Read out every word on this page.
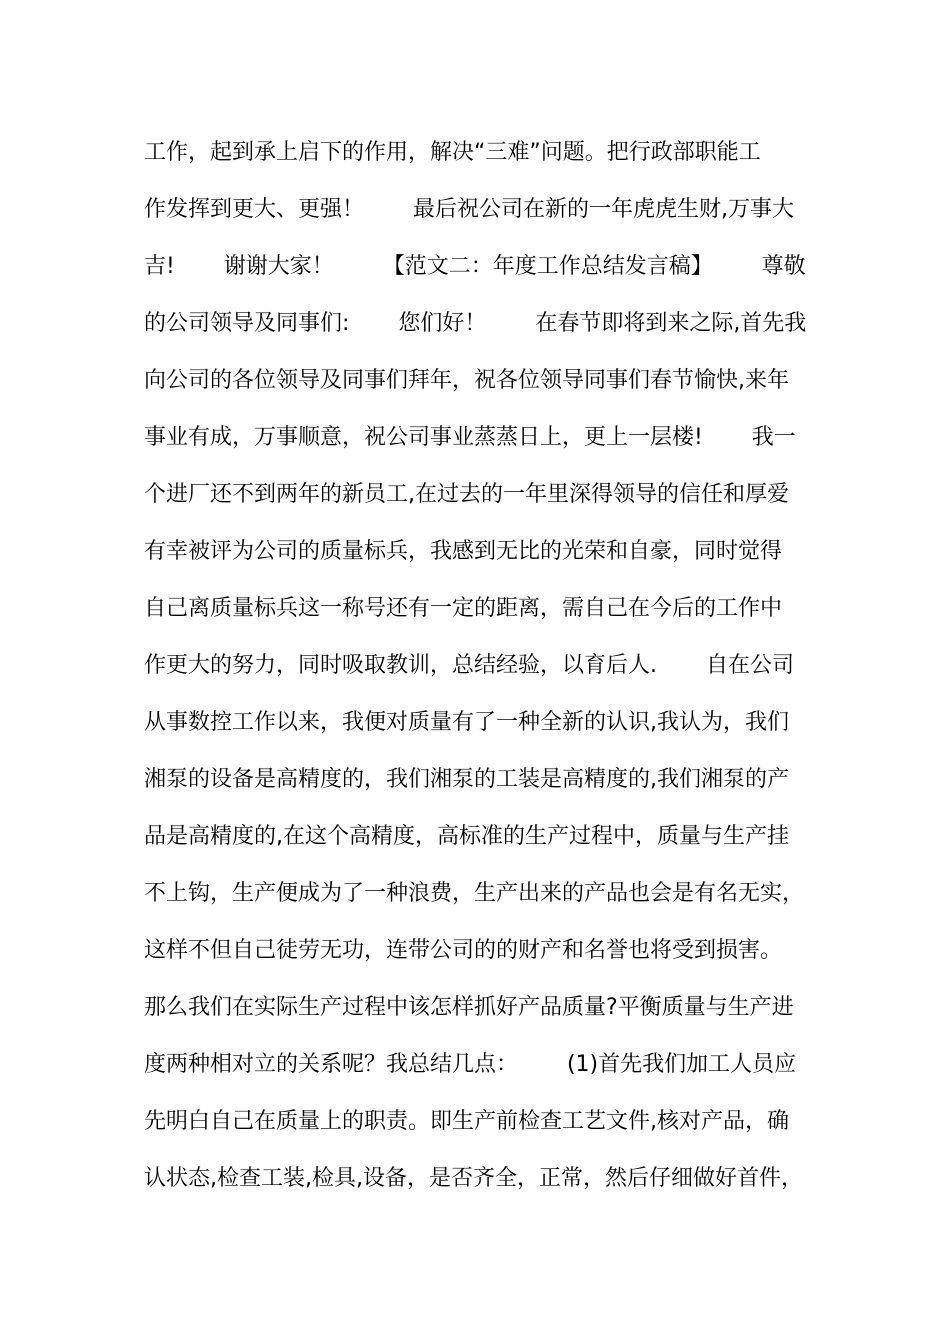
工作，起到承上启下的作用，解决“三难”问题。把行政部职能工
作发挥到更大、更强！       最后祝公司在新的一年虎虎生财,万事大
吉!       谢谢大家！       【范文二：年度工作总结发言稿】       尊敬
的公司领导及同事们:       您们好！       在春节即将到来之际,首先我
向公司的各位领导及同事们拜年，祝各位领导同事们春节愉快,来年
事业有成，万事顺意，祝公司事业蒸蒸日上，更上一层楼!       我一
个进厂还不到两年的新员工,在过去的一年里深得领导的信任和厚爱
有幸被评为公司的质量标兵，我感到无比的光荣和自豪，同时觉得
自己离质量标兵这一称号还有一定的距离，需自己在今后的工作中
作更大的努力，同时吸取教训，总结经验，以育后人.       自在公司
从事数控工作以来，我便对质量有了一种全新的认识,我认为，我们
湘泵的设备是高精度的，我们湘泵的工装是高精度的,我们湘泵的产
品是高精度的,在这个高精度，高标准的生产过程中，质量与生产挂
不上钩，生产便成为了一种浪费，生产出来的产品也会是有名无实，
这样不但自己徒劳无功，连带公司的的财产和名誉也将受到损害。
那么我们在实际生产过程中该怎样抓好产品质量?平衡质量与生产进
度两种相对立的关系呢？我总结几点：       (1)首先我们加工人员应
先明白自己在质量上的职责。即生产前检查工艺文件,核对产品，确
认状态,检查工装,检具,设备，是否齐全，正常，然后仔细做好首件，
